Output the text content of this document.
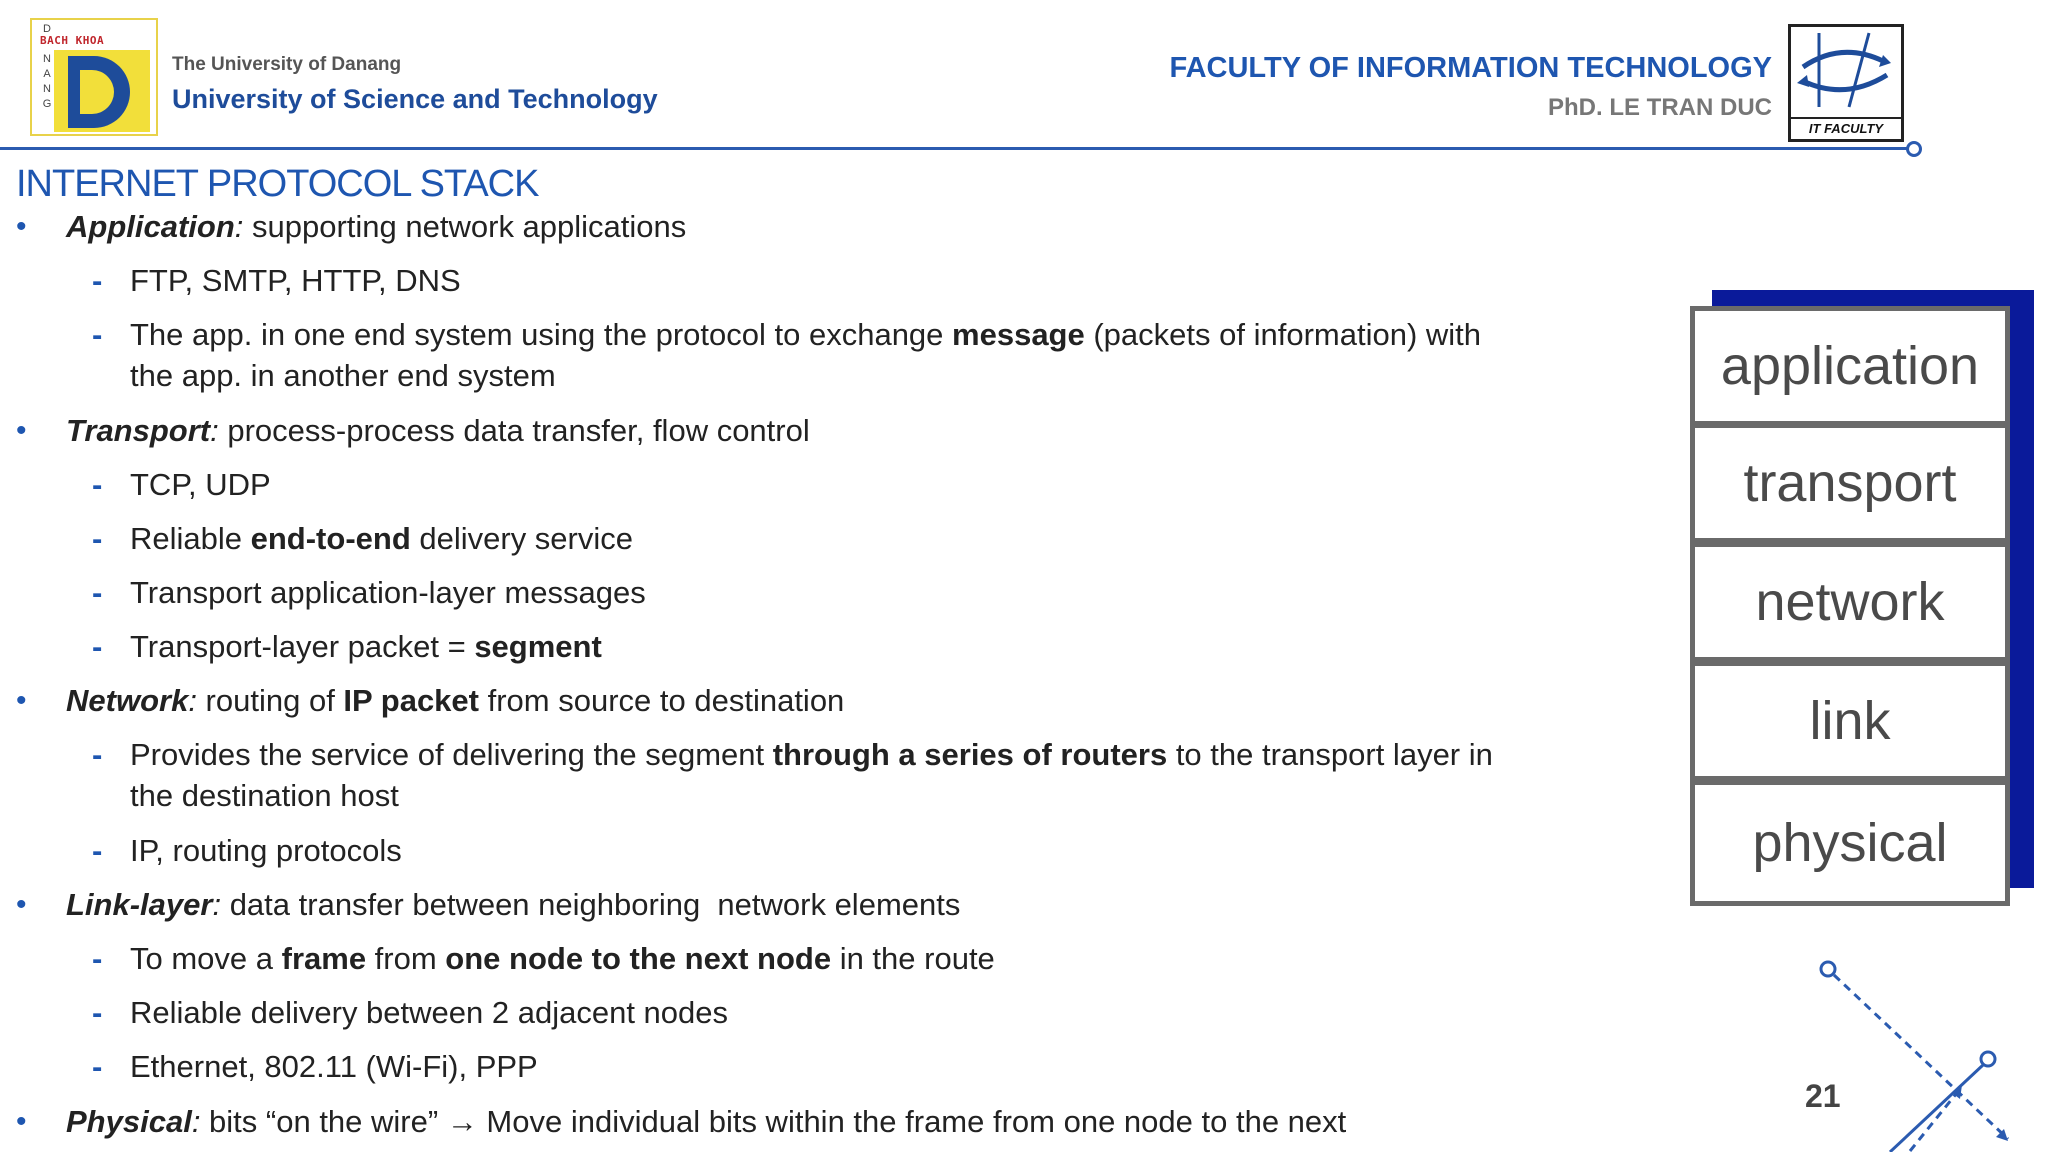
D
N
A
N
G
BACH KHOA
The University of Danang
University of Science and Technology
FACULTY OF INFORMATION TECHNOLOGY
PhD. LE TRAN DUC
IT FACULTY
INTERNET PROTOCOL STACK
• Application: supporting network applications
- FTP, SMTP, HTTP, DNS
- The app. in one end system using the protocol to exchange message (packets of information) with
the app. in another end system
• Transport: process-process data transfer, flow control
- TCP, UDP
- Reliable end-to-end delivery service
- Transport application-layer messages
- Transport-layer packet = segment
• Network: routing of IP packet from source to destination
- Provides the service of delivering the segment through a series of routers to the transport layer in
the destination host
- IP, routing protocols
• Link-layer: data transfer between neighboring  network elements
- To move a frame from one node to the next node in the route
- Reliable delivery between 2 adjacent nodes
- Ethernet, 802.11 (Wi-Fi), PPP
• Physical: bits “on the wire” → Move individual bits within the frame from one node to the next
application
transport
network
link
physical
21
